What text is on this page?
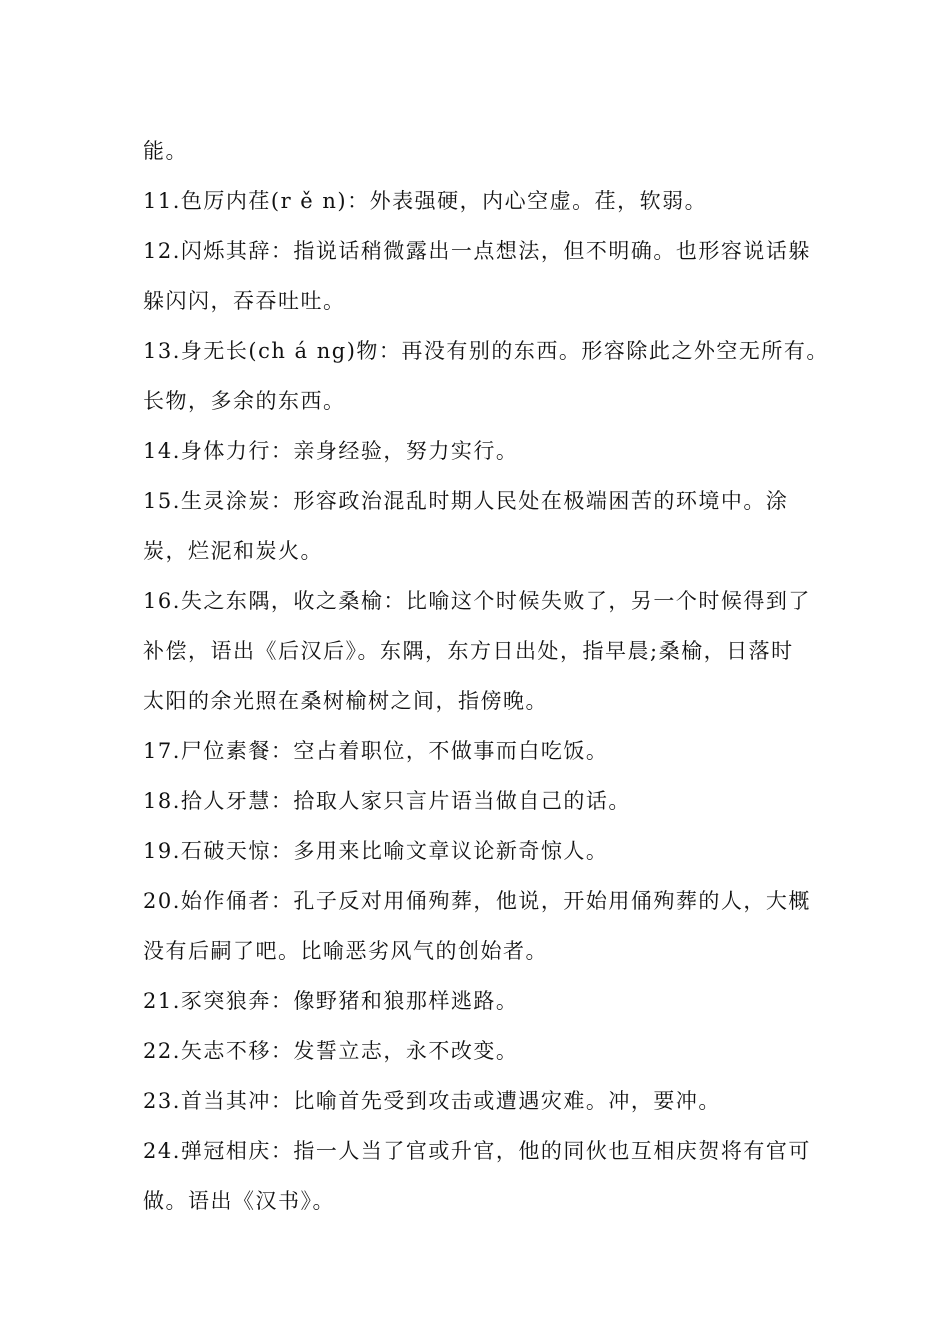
能。
11.色厉内荏(r ě n)：外表强硬，内心空虚。荏，软弱。
12.闪烁其辞：指说话稍微露出一点想法，但不明确。也形容说话躲
躲闪闪，吞吞吐吐。
13.身无长(ch á ng)物：再没有别的东西。形容除此之外空无所有。
长物，多余的东西。
14.身体力行：亲身经验，努力实行。
15.生灵涂炭：形容政治混乱时期人民处在极端困苦的环境中。涂
炭，烂泥和炭火。
16.失之东隅，收之桑榆：比喻这个时候失败了，另一个时候得到了
补偿，语出《后汉后》。东隅，东方日出处，指早晨;桑榆，日落时
太阳的余光照在桑树榆树之间，指傍晚。
17.尸位素餐：空占着职位，不做事而白吃饭。
18.拾人牙慧：拾取人家只言片语当做自己的话。
19.石破天惊：多用来比喻文章议论新奇惊人。
20.始作俑者：孔子反对用俑殉葬，他说，开始用俑殉葬的人，大概
没有后嗣了吧。比喻恶劣风气的创始者。
21.豕突狼奔：像野猪和狼那样逃路。
22.矢志不移：发誓立志，永不改变。
23.首当其冲：比喻首先受到攻击或遭遇灾难。冲，要冲。
24.弹冠相庆：指一人当了官或升官，他的同伙也互相庆贺将有官可
做。语出《汉书》。
